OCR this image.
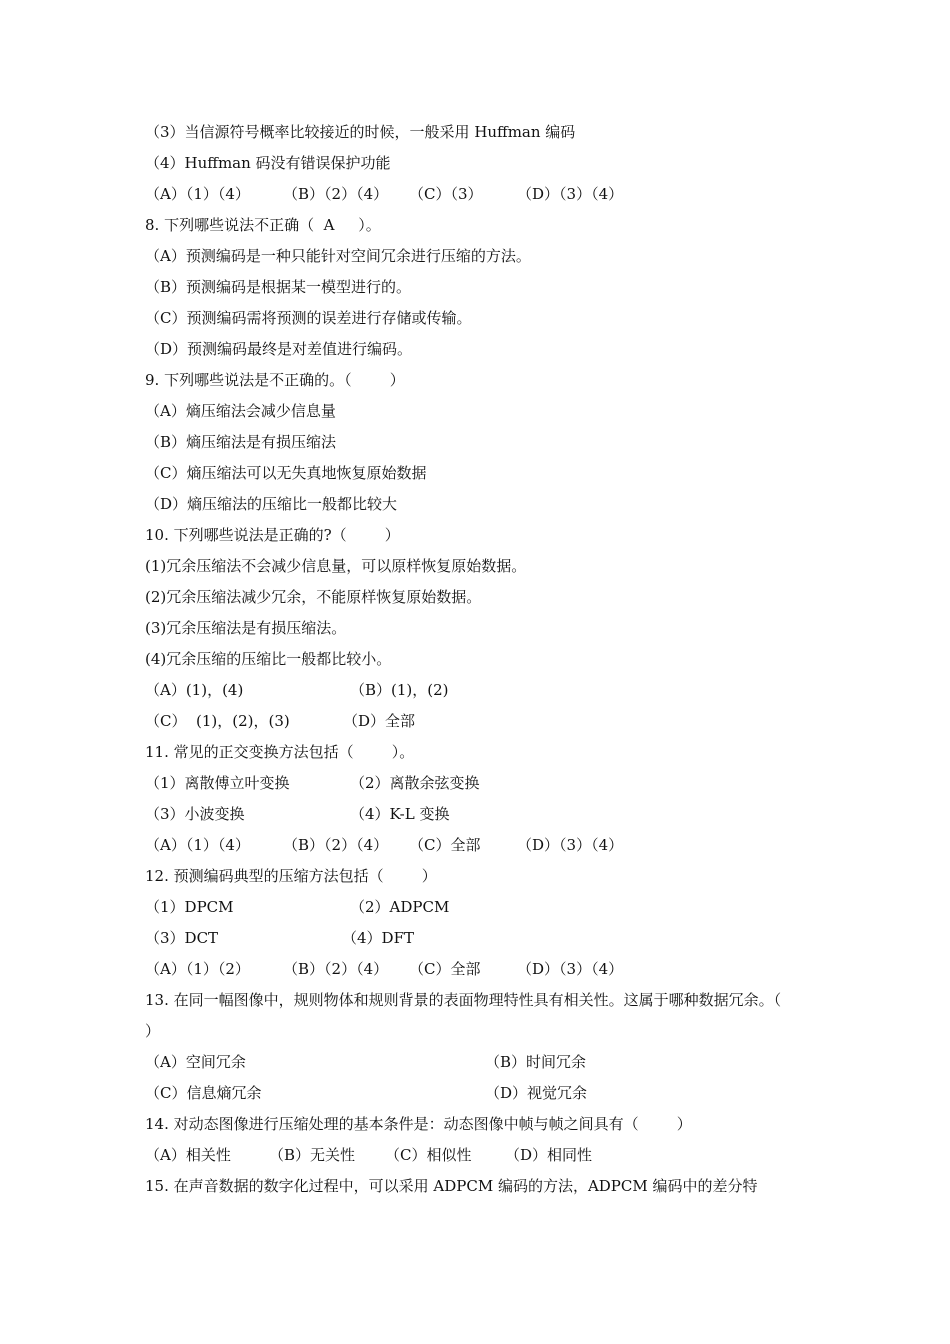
（3）当信源符号概率比较接近的时候，一般采用 Huffman 编码
（4）Huffman 码没有错误保护功能
（A）（1）（4） （B）（2）（4） （C）（3） （D）（3）（4）
8. 下列哪些说法不正确（  A     ）。
（A）预测编码是一种只能针对空间冗余进行压缩的方法。
（B）预测编码是根据某一模型进行的。
（C）预测编码需将预测的误差进行存储或传输。
（D）预测编码最终是对差值进行编码。
9. 下列哪些说法是不正确的。（        ）
（A）熵压缩法会减少信息量
（B）熵压缩法是有损压缩法
（C）熵压缩法可以无失真地恢复原始数据
（D）熵压缩法的压缩比一般都比较大
10. 下列哪些说法是正确的?（        ）
(1)冗余压缩法不会减少信息量，可以原样恢复原始数据。
(2)冗余压缩法减少冗余，不能原样恢复原始数据。
(3)冗余压缩法是有损压缩法。
(4)冗余压缩的压缩比一般都比较小。
（A）(1)，(4)	（B）(1)，(2)
（C）  (1)，(2)，(3)	（D）全部
11. 常见的正交变换方法包括（        ）。
（1）离散傅立叶变换	（2）离散余弦变换
（3）小波变换	（4）K-L 变换
（A）（1）（4） （B）（2）（4） （C）全部 （D）（3）（4）
12. 预测编码典型的压缩方法包括（        ）
（1）DPCM	（2）ADPCM
（3）DCT	（4）DFT
（A）（1）（2） （B）（2）（4） （C）全部 （D）（3）（4）
13. 在同一幅图像中，规则物体和规则背景的表面物理特性具有相关性。这属于哪种数据冗余。（        ）
（A）空间冗余	（B）时间冗余
（C）信息熵冗余	（D）视觉冗余
14. 对动态图像进行压缩处理的基本条件是：动态图像中帧与帧之间具有（        ）
（A）相关性	（B）无关性 （C）相似性 （D）相同性
15. 在声音数据的数字化过程中，可以采用 ADPCM 编码的方法，ADPCM 编码中的差分特
